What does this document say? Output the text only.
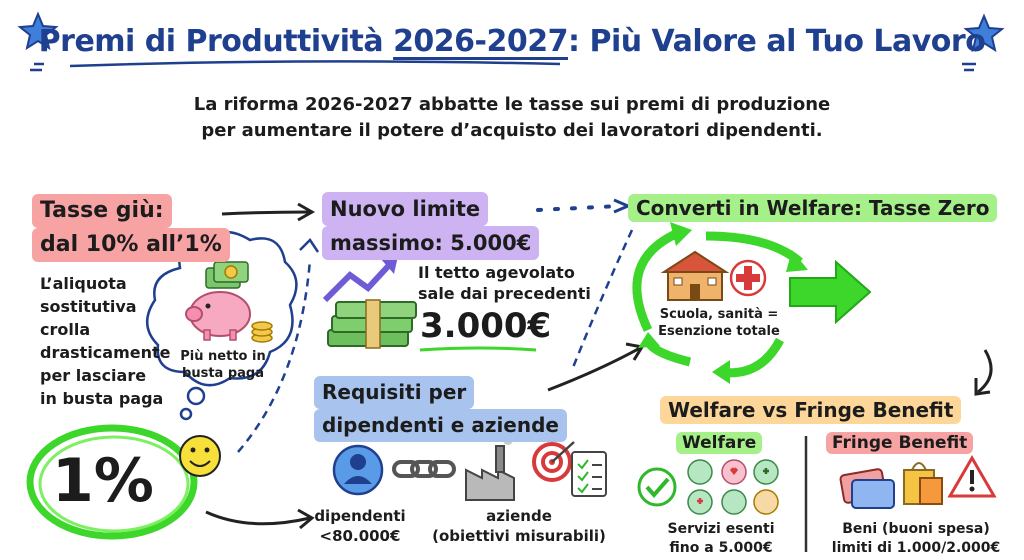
Premi di Produttività 2026-2027: Più Valore al Tuo Lavoro
La riforma 2026-2027 abbatte le tasse sui premi di produzione
per aumentare il potere d’acquisto dei lavoratori dipendenti.
Tasse giù:
dal 10% all’1%
L’aliquota
sostitutiva
crolla
drasticamente
per lasciare
in busta paga
Più netto in
busta paga
1%
Nuovo limite
massimo: 5.000€
Il tetto agevolato
sale dai precedenti
3.000€
Converti in Welfare: Tasse Zero
Scuola, sanità =
Esenzione totale
Requisiti per
dipendenti e aziende
dipendenti
<80.000€
aziende
(obiettivi misurabili)
Welfare vs Fringe Benefit
Welfare
Servizi esenti
fino a 5.000€
Fringe Benefit
Beni (buoni spesa)
limiti di 1.000/2.000€
